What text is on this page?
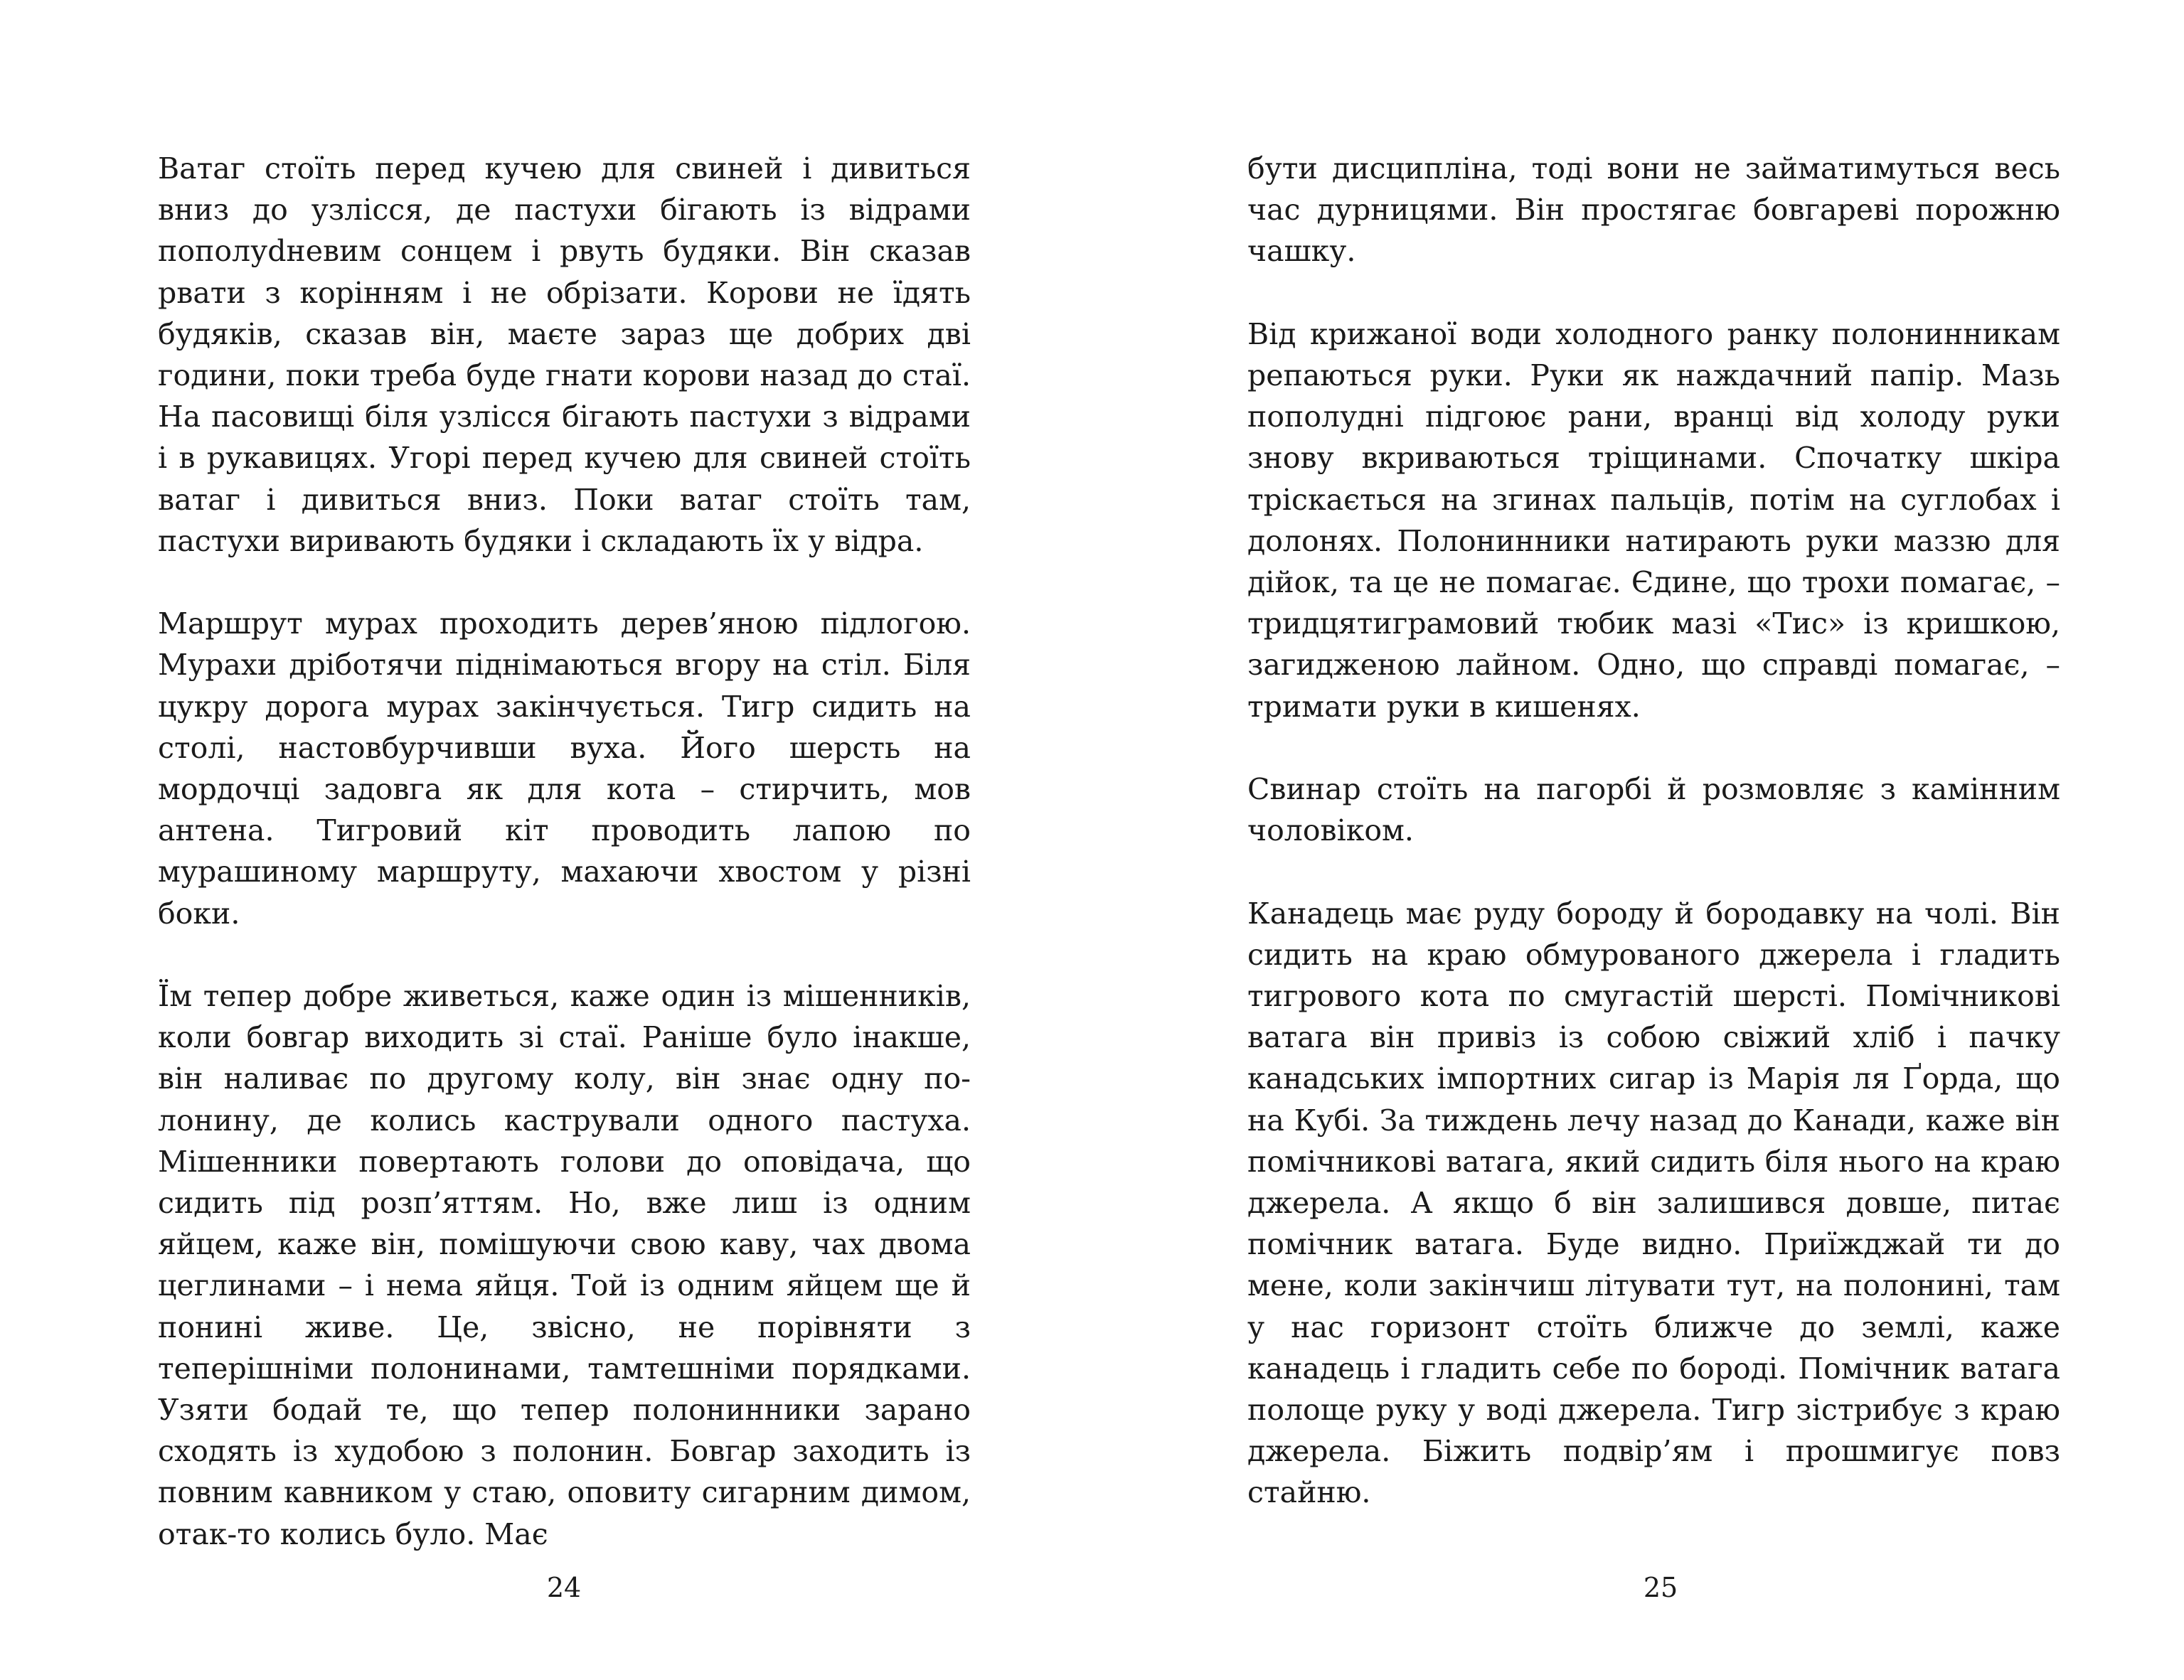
Ватаг стоїть перед кучею для свиней і дивиться вниз до узлісся, де пастухи бігають із відрами пополуdневим сонцем і рвуть будяки. Він сказав рвати з корінням і не обрізати. Корови не їдять будяків, сказав він, маєте зараз ще добрих дві години, поки треба буде гнати корови назад до стаї. На пасовищі біля узлісся бігають пастухи з відрами і в рукавицях. Угорі перед кучею для свиней стоїть ватаг і дивиться вниз. Поки ватаг стоїть там, пастухи виривають будяки і складають їх у відра.

Маршрут мурах проходить дерев’яною підлогою. Мурахи дріботячи піднімаються вгору на стіл. Біля цукру дорога мурах закінчується. Тигр сидить на столі, настовбурчивши вуха. Його шерсть на мордочці задовга як для кота – стирчить, мов антена. Тигровий кіт проводить лапою по мурашиному маршруту, махаючи хвостом у різні боки.

Їм тепер добре живеться, каже один із мішенників, коли бовгар виходить зі стаї. Раніше було інакше, він наливає по другому колу, він знає одну полонину, де колись кастрували одного пастуха. Мішенники повертають голови до оповідача, що сидить під розп’яттям. Но, вже лиш із одним яйцем, каже він, помішуючи свою каву, чах двома цеглинами – і нема яйця. Той із одним яйцем ще й понині живе. Це, звісно, не порівняти з теперішніми полонинами, тамтешніми порядками. Узяти бодай те, що тепер полонинники зарано сходять із худобою з полонин. Бовгар заходить із повним кавником у стаю, оповиту сигарним димом, отак-то колись було. Має

24

бути дисципліна, тоді вони не займатимуться весь час дурницями. Він простягає бовгареві порожню чашку.

Від крижаної води холодного ранку полонинникам репаються руки. Руки як наждачний папір. Мазь пополудні підгоює рани, вранці від холоду руки знову вкриваються тріщинами. Спочатку шкіра тріскається на згинах пальців, потім на суглобах і долонях. Полонинники натирають руки маззю для дійок, та це не помагає. Єдине, що трохи помагає, – тридцятиграмовий тюбик мазі «Тис» із кришкою, загидженою лайном. Одно, що справді помагає, – тримати руки в кишенях.

Свинар стоїть на пагорбі й розмовляє з камінним чоловіком.

Канадець має руду бороду й бородавку на чолі. Він сидить на краю обмурованого джерела і гладить тигрового кота по смугастій шерсті. Помічникові ватага він привіз із собою свіжий хліб і пачку канадських імпортних сигар із Марія ля Ґорда, що на Кубі. За тиждень лечу назад до Канади, каже він помічникові ватага, який сидить біля нього на краю джерела. А якщо б він залишився довше, питає помічник ватага. Буде видно. Приїжджай ти до мене, коли закінчиш літувати тут, на полонині, там у нас горизонт стоїть ближче до землі, каже канадець і гладить себе по бороді. Помічник ватага полоще руку у воді джерела. Тигр зістрибує з краю джерела. Біжить подвір’ям і прошмигує повз стайню.

25
